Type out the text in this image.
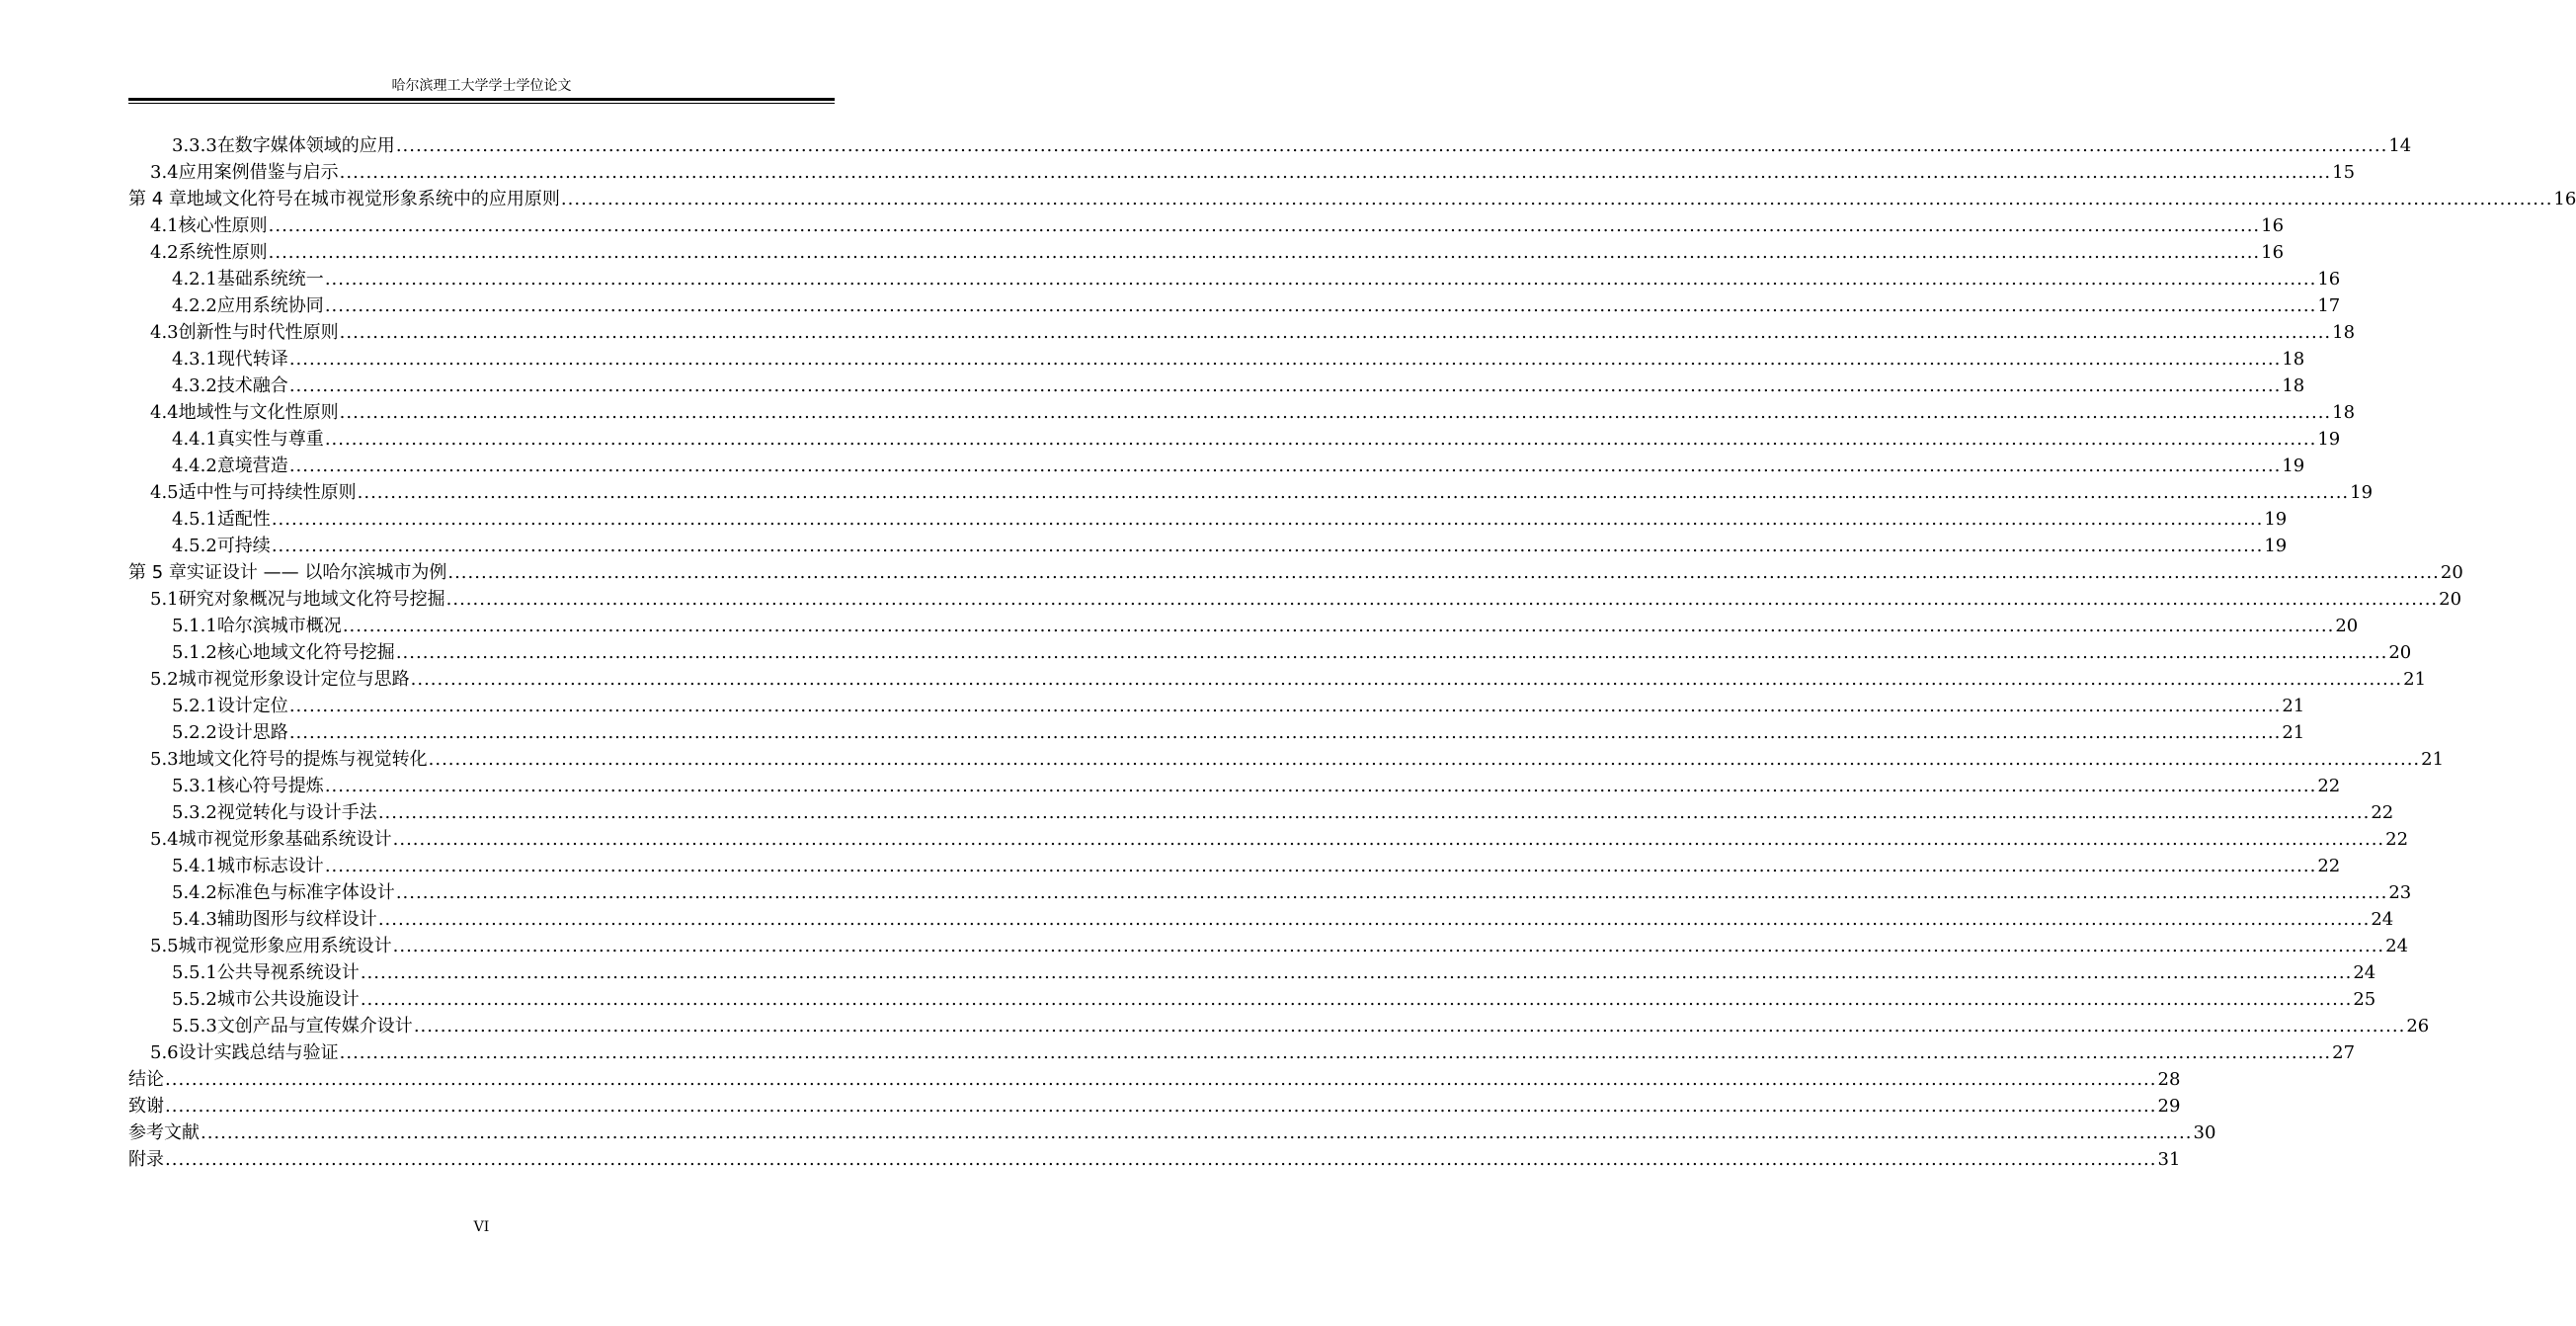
哈尔滨理工大学学士学位论文
3.3.3 在数字媒体领域的应用 ............................................................................................................................................................................................................................................................................................................ 14
3.4 应用案例借鉴与启示 ............................................................................................................................................................................................................................................................................................................ 15
第 4 章 地域文化符号在城市视觉形象系统中的应用原则 ............................................................................................................................................................................................................................................................................................................ 16
4.1 核心性原则 ............................................................................................................................................................................................................................................................................................................ 16
4.2 系统性原则 ............................................................................................................................................................................................................................................................................................................ 16
4.2.1 基础系统统一 ............................................................................................................................................................................................................................................................................................................ 16
4.2.2 应用系统协同 ............................................................................................................................................................................................................................................................................................................ 17
4.3 创新性与时代性原则 ............................................................................................................................................................................................................................................................................................................ 18
4.3.1 现代转译 ............................................................................................................................................................................................................................................................................................................ 18
4.3.2 技术融合 ............................................................................................................................................................................................................................................................................................................ 18
4.4 地域性与文化性原则 ............................................................................................................................................................................................................................................................................................................ 18
4.4.1 真实性与尊重 ............................................................................................................................................................................................................................................................................................................ 19
4.4.2 意境营造 ............................................................................................................................................................................................................................................................................................................ 19
4.5 适中性与可持续性原则 ............................................................................................................................................................................................................................................................................................................ 19
4.5.1 适配性 ............................................................................................................................................................................................................................................................................................................ 19
4.5.2 可持续 ............................................................................................................................................................................................................................................................................................................ 19
第 5 章 实证设计 —— 以哈尔滨城市为例 ............................................................................................................................................................................................................................................................................................................ 20
5.1 研究对象概况与地域文化符号挖掘 ............................................................................................................................................................................................................................................................................................................ 20
5.1.1 哈尔滨城市概况 ............................................................................................................................................................................................................................................................................................................ 20
5.1.2 核心地域文化符号挖掘 ............................................................................................................................................................................................................................................................................................................ 20
5.2 城市视觉形象设计定位与思路 ............................................................................................................................................................................................................................................................................................................ 21
5.2.1 设计定位 ............................................................................................................................................................................................................................................................................................................ 21
5.2.2 设计思路 ............................................................................................................................................................................................................................................................................................................ 21
5.3 地域文化符号的提炼与视觉转化 ............................................................................................................................................................................................................................................................................................................ 21
5.3.1 核心符号提炼 ............................................................................................................................................................................................................................................................................................................ 22
5.3.2 视觉转化与设计手法 ............................................................................................................................................................................................................................................................................................................ 22
5.4 城市视觉形象基础系统设计 ............................................................................................................................................................................................................................................................................................................ 22
5.4.1 城市标志设计 ............................................................................................................................................................................................................................................................................................................ 22
5.4.2 标准色与标准字体设计 ............................................................................................................................................................................................................................................................................................................ 23
5.4.3 辅助图形与纹样设计 ............................................................................................................................................................................................................................................................................................................ 24
5.5 城市视觉形象应用系统设计 ............................................................................................................................................................................................................................................................................................................ 24
5.5.1 公共导视系统设计 ............................................................................................................................................................................................................................................................................................................ 24
5.5.2 城市公共设施设计 ............................................................................................................................................................................................................................................................................................................ 25
5.5.3 文创产品与宣传媒介设计 ............................................................................................................................................................................................................................................................................................................ 26
5.6 设计实践总结与验证 ............................................................................................................................................................................................................................................................................................................ 27
结论 ............................................................................................................................................................................................................................................................................................................ 28
致谢 ............................................................................................................................................................................................................................................................................................................ 29
参考文献 ............................................................................................................................................................................................................................................................................................................ 30
附录 ............................................................................................................................................................................................................................................................................................................ 31
VI
